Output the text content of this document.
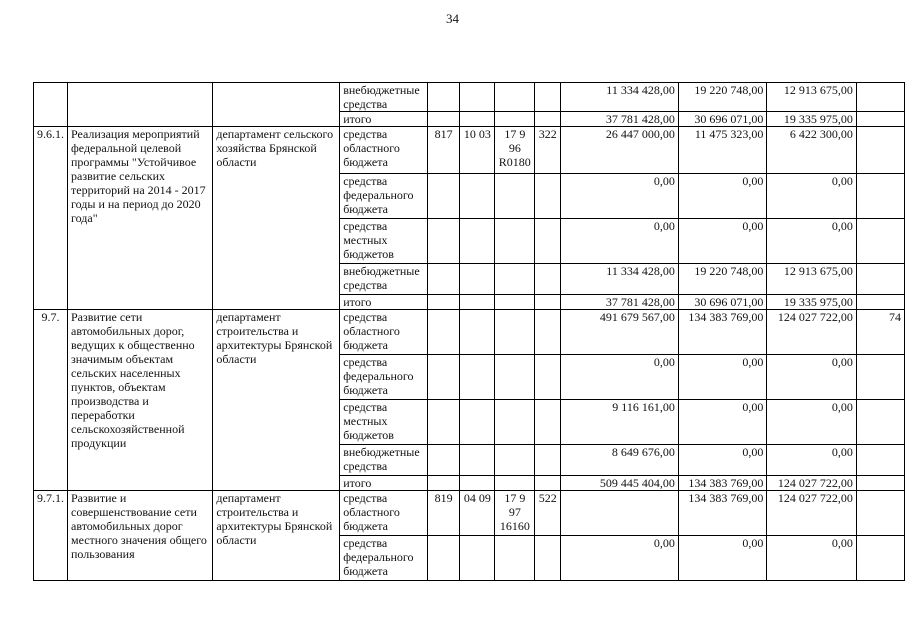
34
			внебюджетные средства					11 334 428,00	19 220 748,00	12 913 675,00	
			итого					37 781 428,00	30 696 071,00	19 335 975,00	
9.6.1.	Реализация мероприятий федеральной целевой программы "Устойчивое развитие сельских территорий на 2014 - 2017 годы и на период до 2020 года"	департамент сельского хозяйства Брянской области	средства областного бюджета	817	10 03	17 9 96 R0180	322	26 447 000,00	11 475 323,00	6 422 300,00	
			средства федерального бюджета					0,00	0,00	0,00	
			средства местных бюджетов					0,00	0,00	0,00	
			внебюджетные средства					11 334 428,00	19 220 748,00	12 913 675,00	
			итого					37 781 428,00	30 696 071,00	19 335 975,00	
9.7.	Развитие сети автомобильных дорог, ведущих к общественно значимым объектам сельских населенных пунктов, объектам производства и переработки сельскохозяйственной продукции	департамент строительства и архитектуры Брянской области	средства областного бюджета					491 679 567,00	134 383 769,00	124 027 722,00	74
			средства федерального бюджета					0,00	0,00	0,00	
			средства местных бюджетов					9 116 161,00	0,00	0,00	
			внебюджетные средства					8 649 676,00	0,00	0,00	
			итого					509 445 404,00	134 383 769,00	124 027 722,00	
9.7.1.	Развитие и совершенствование сети автомобильных дорог местного значения общего пользования	департамент строительства и архитектуры Брянской области	средства областного бюджета	819	04 09	17 9 97 16160	522		134 383 769,00	124 027 722,00	
			средства федерального бюджета					0,00	0,00	0,00	
